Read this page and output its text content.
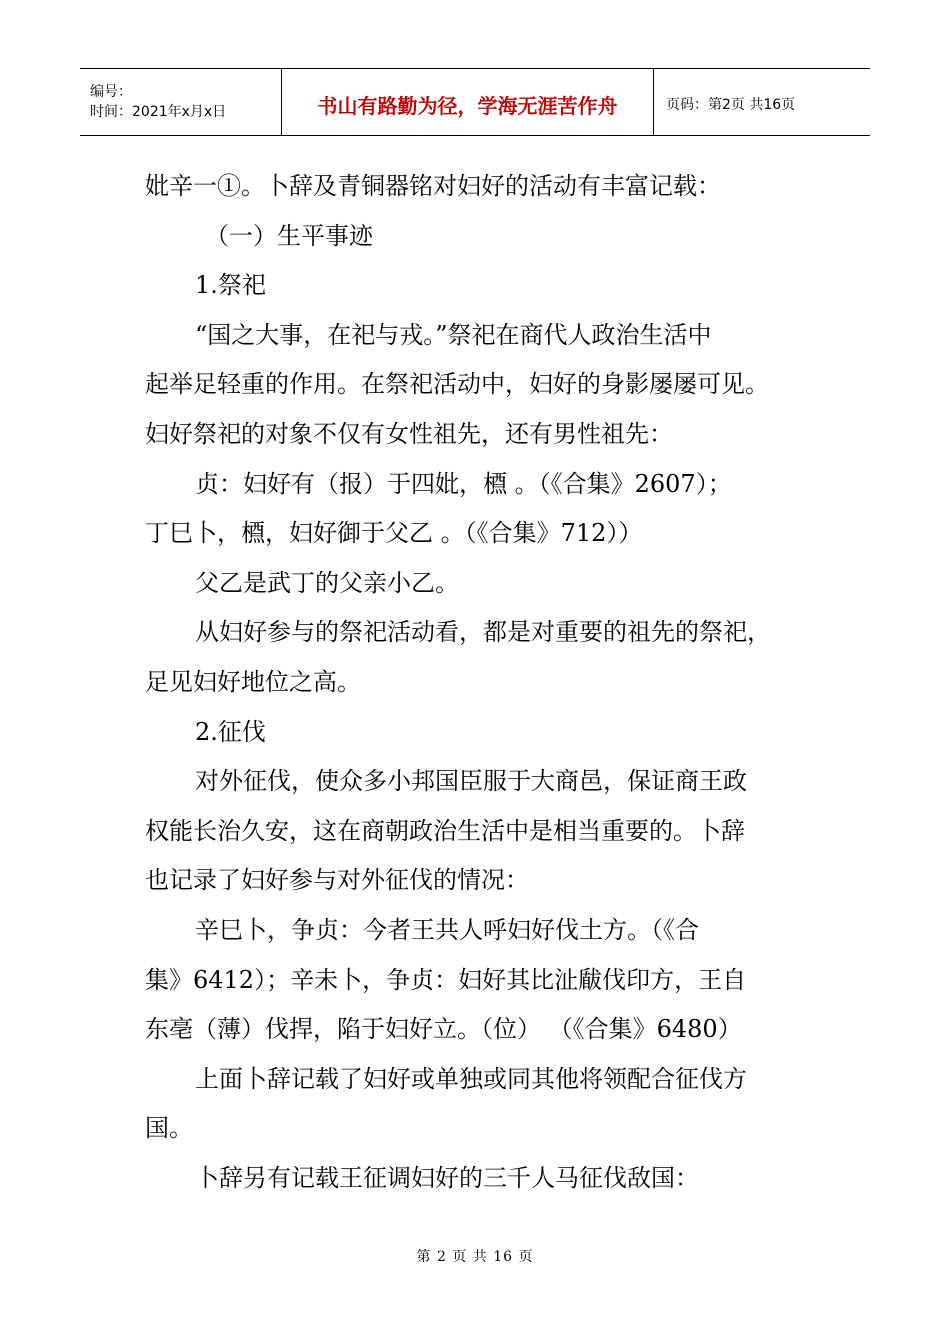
编号：
时间：2021年x月x日	书山有路勤为径，学海无涯苦作舟	页码：第2页 共16页

妣辛一①。卜辞及青铜器铭对妇好的活动有丰富记载：

（一）生平事迹

1.祭祀

“国之大事，在祀与戎。”祭祀在商代人政治生活中

起举足轻重的作用。在祭祀活动中，妇好的身影屡屡可见。

妇好祭祀的对象不仅有女性祖先，还有男性祖先：

贞：妇好有（报）于四妣，槱 。（《合集》2607）；

丁巳卜，槱，妇好御于父乙 。（《合集》712））

父乙是武丁的父亲小乙。

从妇好参与的祭祀活动看，都是对重要的祖先的祭祀，

足见妇好地位之高。

2.征伐

对外征伐，使众多小邦国臣服于大商邑，保证商王政

权能长治久安，这在商朝政治生活中是相当重要的。卜辞

也记录了妇好参与对外征伐的情况：

辛巳卜，争贞：今者王共人呼妇好伐土方。（《合

集》6412）；辛未卜，争贞：妇好其比沚瞂伐印方，王自

东亳（薄）伐捍，陷于妇好立。（位） （《合集》6480）

上面卜辞记载了妇好或单独或同其他将领配合征伐方

国。

卜辞另有记载王征调妇好的三千人马征伐敌国：

第 2 页 共 16 页
